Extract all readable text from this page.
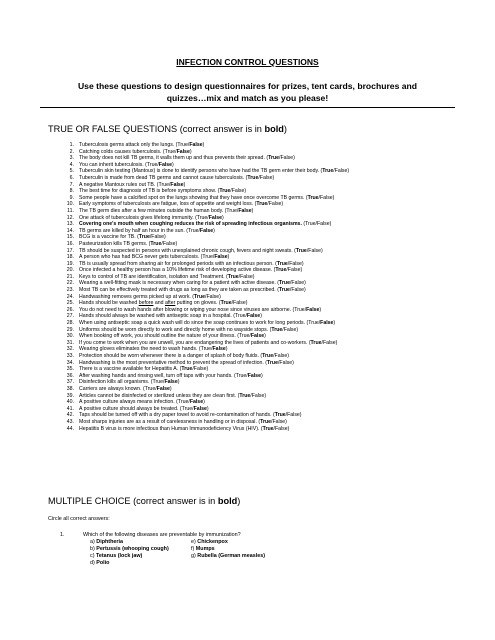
INFECTION CONTROL QUESTIONS
Use these questions to design questionnaires for prizes, tent cards, brochures and quizzes…mix and match as you please!
TRUE OR FALSE QUESTIONS (correct answer is in bold)
1. Tuberculosis germs attack only the lungs. (True/False)
2. Catching colds causes tuberculosis. (True/False)
3. The body does not kill TB germs, it walls them up and thus prevents their spread. (True/False)
4. You can inherit tuberculosis. (True/False)
5. Tuberculin skin testing (Mantoux) is done to identify persons who have had the TB germ enter their body. (True/False)
6. Tuberculin is made from dead TB germs and cannot cause tuberculosis. (True/False)
7. A negative Mantoux rules out TB. (True/False)
8. The best time for diagnosis of TB is before symptoms show. (True/False)
9. Some people have a calcified spot on the lungs showing that they have once overcome TB germs. (True/False)
10. Early symptoms of tuberculosis are fatigue, loss of appetite and weight loss. (True/False)
11. The TB germ dies after a few minutes outside the human body. (True/False)
12. One attack of tuberculosis gives lifelong immunity. (True/False)
13. Covering one's mouth when coughing reduces the risk of spreading infectious organisms. (True/False)
14. TB germs are killed by half an hour in the sun. (True/False)
15. BCG is a vaccine for TB. (True/False)
16. Pasteurization kills TB germs. (True/False)
17. TB should be suspected in persons with unexplained chronic cough, fevers and night sweats. (True/False)
18. A person who has had BCG never gets tuberculosis. (True/False)
19. TB is usually spread from sharing air for prolonged periods with an infectious person. (True/False)
20. Once infected a healthy person has a 10% lifetime risk of developing active disease. (True/False)
21. Keys to control of TB are identification, isolation and Treatment. (True/False)
22. Wearing a well-fitting mask is necessary when caring for a patient with active disease. (True/False)
23. Most TB can be effectively treated with drugs as long as they are taken as prescribed. (True/False)
24. Handwashing removes germs picked up at work. (True/False)
25. Hands should be washed before and after putting on gloves. (True/False)
26. You do not need to wash hands after blowing or wiping your nose since viruses are airborne. (True/False)
27. Hands should always be washed with antiseptic soap in a hospital. (True/False)
28. When using antiseptic soap a quick wash will do since the soap continues to work for long periods. (True/False)
29. Uniforms should be worn directly to work and directly home with no wayside stops. (True/False)
30. When booking off work, you should outline the nature of your illness. (True/False)
31. If you come to work when you are unwell, you are endangering the lives of patients and co-workers. (True/False)
32. Wearing gloves eliminates the need to wash hands. (True/False)
33. Protection should be worn whenever there is a danger of splash of body fluids. (True/False)
34. Handwashing is the most preventative method to prevent the spread of infection. (True/False)
35. There is a vaccine available for Hepatitis A. (True/False)
36. After washing hands and rinsing well, turn off taps with your hands. (True/False)
37. Disinfection kills all organisms. (True/False)
38. Carriers are always known. (True/False)
39. Articles cannot be disinfected or sterilized unless they are clean first. (True/False)
40. A positive culture always means infection. (True/False)
41. A positive culture should always be treated. (True/False)
42. Taps should be turned off with a dry paper towel to avoid re-contamination of hands. (True/False)
43. Most sharps injuries are as a result of carelessness in handling or in disposal. (True/False)
44. Hepatitis B virus is more infectious than Human Immunodeficiency Virus (HIV). (True/False)
MULTIPLE CHOICE (correct answer is in bold)
Circle all correct answers:
1.	Which of the following diseases are preventable by immunization?
a) Diphtheria	e) Chickenpox
b) Pertussis (whooping cough)	f) Mumps
c) Tetanus (lock jaw)	g) Rubella (German measles)
d) Polio
